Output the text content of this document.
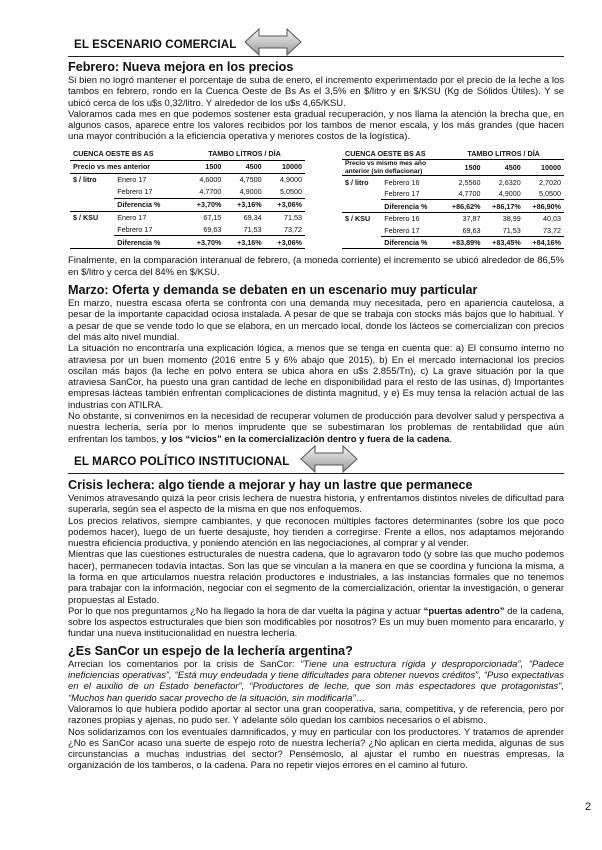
EL ESCENARIO COMERCIAL
Febrero: Nueva mejora en los precios

Si bien no logró mantener el porcentaje de suba de enero, el incremento experimentado por el precio de la leche a los tambos en febrero, rondo en la Cuenca Oeste de Bs As el 3,5% en $/litro y en $/KSU (Kg de Sólidos Útiles). Y se ubicó cerca de los u$s 0,32/litro. Y alrededor de los u$s 4,65/KSU.

Valoramos cada mes en que podemos sostener esta gradual recuperación, y nos llama la atención la brecha que, en algunos casos, aparece entre los valores recibidos por los tambos de menor escala, y los más grandes (que hacen una mayor contribución a la eficiencia operativa y menores costos de la logística).

CUENCA OESTE BS AS		TAMBO LITROS / DÍA		
Precio vs mes anterior		1500	4500	10000
$ / litro	Enero 17	4,6000	4,7500	4,9000
	Febrero 17	4,7700	4,9000	5,0500
	Diferencia %	+3,70%	+3,16%	+3,06%
$ / KSU	Enero 17	67,15	69,34	71,53
	Febrero 17	69,63	71,53	73,72
	Diferencia %	+3,70%	+3,16%	+3,06%
CUENCA OESTE BS AS		TAMBO LITROS / DÍA		
Precio vs mismo mes año
anterior (sin deflacionar)		1500	4500	10000
$ / litro	Febrero 16	2,5560	2,6320	2,7020
	Febrero 17	4,7700	4,9000	5,0500
	Diferencia %	+86,62%	+86,17%	+86,90%
$ / KSU	Febrero 16	37,87	38,99	40,03
	Febrero 17	69,63	71,53	73,72
	Diferencia %	+83,89%	+83,45%	+84,16%

Finalmente, en la comparación interanual de febrero, (a moneda corriente) el incremento se ubicó alrededor de 86,5% en $/litro y cerca del 84% en $/KSU.

Marzo: Oferta y demanda se debaten en un escenario muy particular

En marzo, nuestra escasa oferta se confronta con una demanda muy necesitada, pero en apariencia cautelosa, a pesar de la importante capacidad ociosa instalada. A pesar de que se trabaja con stocks más bajos que lo habitual. Y a pesar de que se vende todo lo que se elabora, en un mercado local, donde los lácteos se comercializan con precios del más alto nivel mundial.

La situación no encontraría una explicación lógica, a menos que se tenga en cuenta que: a) El consumo interno no atraviesa por un buen momento (2016 entre 5 y 6% abajo que 2015), b) En el mercado internacional los precios oscilan más bajos (la leche en polvo entera se ubica ahora en u$s 2.855/Tn), c) La grave situación por la que atraviesa SanCor, ha puesto una gran cantidad de leche en disponibilidad para el resto de las usinas, d) Importantes empresas lácteas también enfrentan complicaciones de distinta magnitud, y e) Es muy tensa la relación actual de las industrias con ATILRA.

No obstante, si convenimos en la necesidad de recuperar volumen de producción para devolver salud y perspectiva a nuestra lechería, sería por lo menos imprudente que se subestimaran los problemas de rentabilidad que aún enfrentan los tambos, y los “vicios” en la comercialización dentro y fuera de la cadena.

EL MARCO POLÍTICO INSTITUCIONAL
Crisis lechera: algo tiende a mejorar y hay un lastre que permanece

Venimos atravesando quizá la peor crisis lechera de nuestra historia, y enfrentamos distintos niveles de dificultad para superarla, según sea el aspecto de la misma en que nos enfoquemos.

Los precios relativos, siempre cambiantes, y que reconocen múltiples factores determinantes (sobre los que poco podemos hacer), luego de un fuerte desajuste, hoy tienden a corregirse. Frente a ellos, nos adaptamos mejorando nuestra eficiencia productiva, y poniendo atención en las negociaciones, al comprar y al vender.

Mientras que las cuestiones estructurales de nuestra cadena, que lo agravaron todo (y sobre las que mucho podemos hacer), permanecen todavía intactas. Son las que se vinculan a la manera en que se coordina y funciona la misma, a la forma en que articulamos nuestra relación productores e industriales, a las instancias formales que no tenemos para trabajar con la información, negociar con el segmento de la comercialización, orientar la investigación, o generar propuestas al Estado.

Por lo que nos preguntarnos ¿No ha llegado la hora de dar vuelta la página y actuar “puertas adentro” de la cadena, sobre los aspectos estructurales que bien son modificables por nosotros? Es un muy buen momento para encararlo, y fundar una nueva institucionalidad en nuestra lechería.

¿Es SanCor un espejo de la lechería argentina?

Arrecian los comentarios por la crisis de SanCor: “Tiene una estructura rígida y desproporcionada”, “Padece ineficiencias operativas”, “Está muy endeudada y tiene dificultades para obtener nuevos créditos”, “Puso expectativas en el auxilio de un Estado benefactor”, “Productores de leche, que son más espectadores que protagonistas”, “Muchos han querido sacar provecho de la situación, sin modificarla”…

Valoramos lo que hubiera podido aportar al sector una gran cooperativa, sana, competitiva, y de referencia, pero por razones propias y ajenas, no pudo ser. Y adelante sólo quedan los cambios necesarios o el abismo.

Nos solidarizamos con los eventuales damnificados, y muy en particular con los productores. Y tratamos de aprender ¿No es SanCor acaso una suerte de espejo roto de nuestra lechería? ¿No aplican en cierta medida, algunas de sus circunstancias a muchas industrias del sector? Pensémoslo, al ajustar el rumbo en nuestras empresas, la organización de los tamberos, o la cadena. Para no repetir viejos errores en el camino al futuro.

2
